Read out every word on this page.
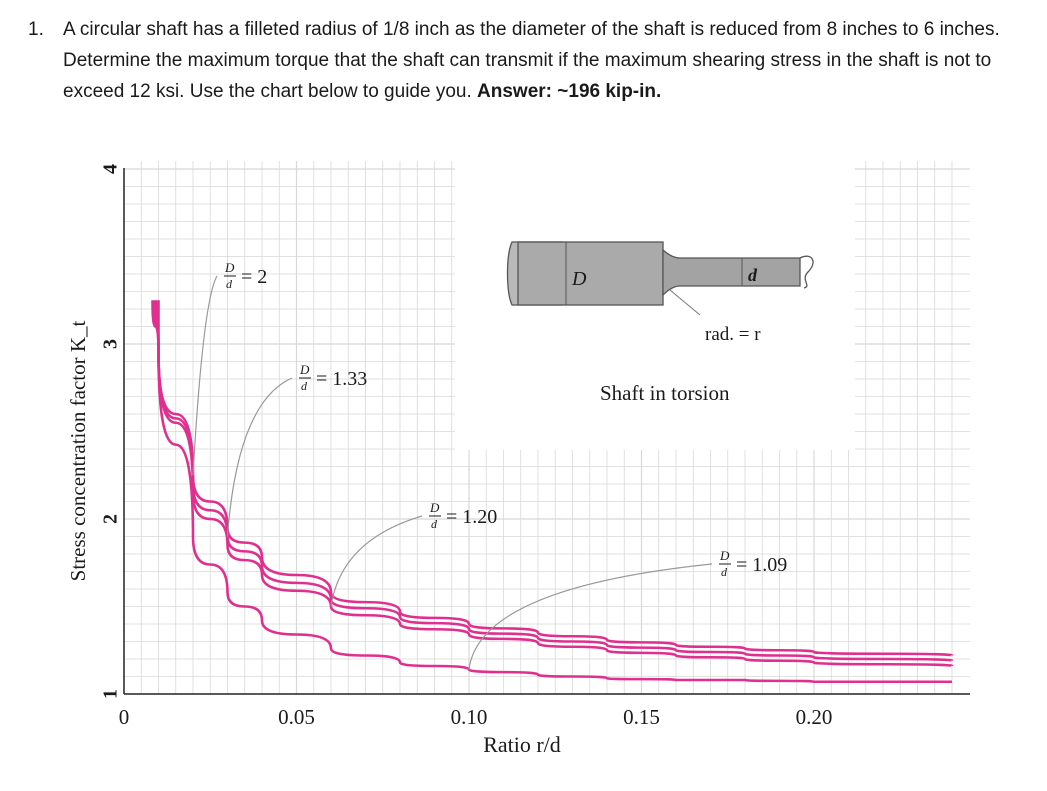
1. A circular shaft has a filleted radius of 1/8 inch as the diameter of the shaft is reduced from 8 inches to 6 inches. Determine the maximum torque that the shaft can transmit if the maximum shearing stress in the shaft is not to exceed 12 ksi. Use the chart below to guide you. Answer: ~196 kip-in.
D	d
rad. = r
Shaft in torsion
D
d = 2
D
d = 1.33
D
d = 1.20
D
d = 1.09
0	0.05	0.10	0.15	0.20
1
2
3
4
Ratio r/d
Stress concentration factor K_t
